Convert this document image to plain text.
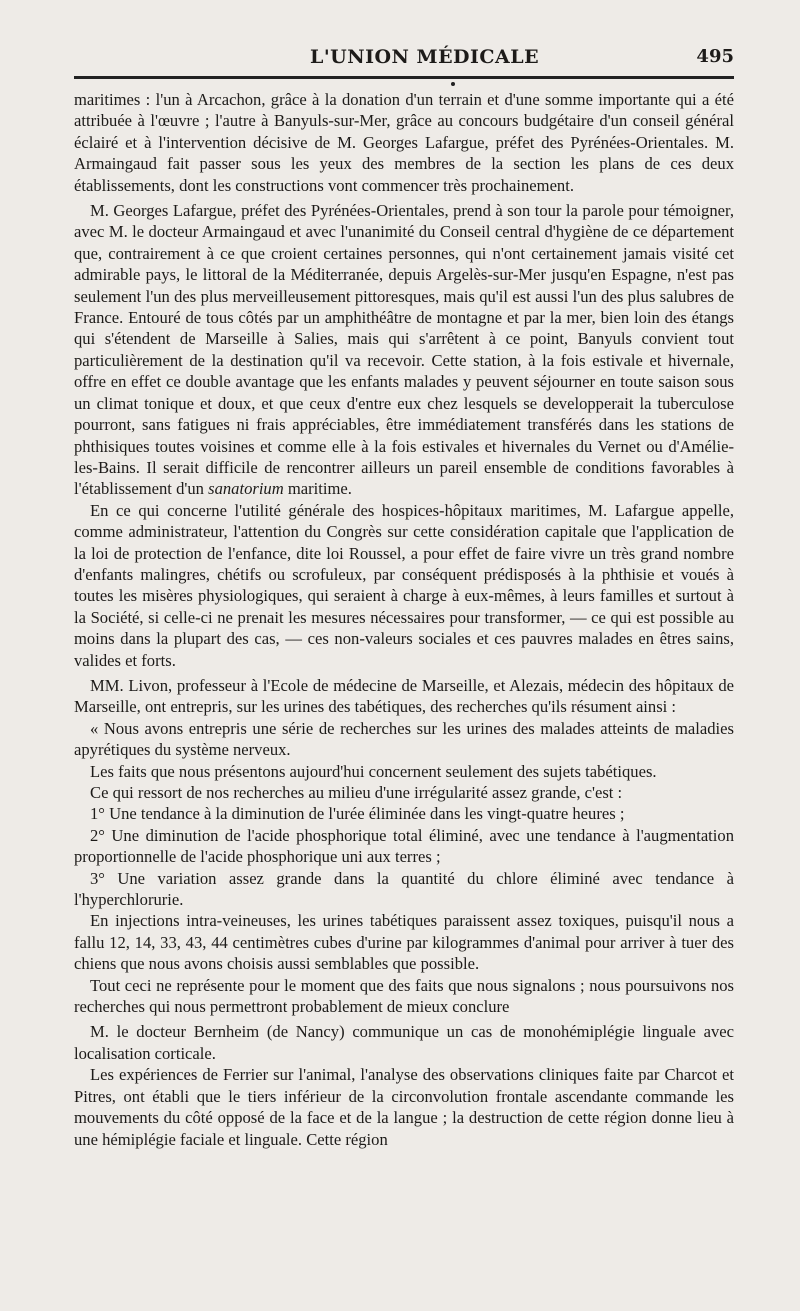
L'UNION MÉDICALE	495

maritimes : l'un à Arcachon, grâce à la donation d'un terrain et d'une somme importante qui a été attribuée à l'œuvre ; l'autre à Banyuls-sur-Mer, grâce au concours budgétaire d'un conseil général éclairé et à l'intervention décisive de M. Georges Lafargue, préfet des Pyrénées-Orientales. M. Armaingaud fait passer sous les yeux des membres de la section les plans de ces deux établissements, dont les constructions vont commencer très prochainement.

M. Georges Lafargue, préfet des Pyrénées-Orientales, prend à son tour la parole pour témoigner, avec M. le docteur Armaingaud et avec l'unanimité du Conseil central d'hygiène de ce département que, contrairement à ce que croient certaines personnes, qui n'ont certainement jamais visité cet admirable pays, le littoral de la Méditerranée, depuis Argelès-sur-Mer jusqu'en Espagne, n'est pas seulement l'un des plus merveilleusement pittoresques, mais qu'il est aussi l'un des plus salubres de France. Entouré de tous côtés par un amphithéâtre de montagne et par la mer, bien loin des étangs qui s'étendent de Marseille à Salies, mais qui s'arrêtent à ce point, Banyuls convient tout particulièrement de la destination qu'il va recevoir. Cette station, à la fois estivale et hivernale, offre en effet ce double avantage que les enfants malades y peuvent séjourner en toute saison sous un climat tonique et doux, et que ceux d'entre eux chez lesquels se developperait la tuberculose pourront, sans fatigues ni frais appréciables, être immédiatement transférés dans les stations de phthisiques toutes voisines et comme elle à la fois estivales et hivernales du Vernet ou d'Amélie-les-Bains. Il serait difficile de rencontrer ailleurs un pareil ensemble de conditions favorables à l'établissement d'un sanatorium maritime.

En ce qui concerne l'utilité générale des hospices-hôpitaux maritimes, M. Lafargue appelle, comme administrateur, l'attention du Congrès sur cette considération capitale que l'application de la loi de protection de l'enfance, dite loi Roussel, a pour effet de faire vivre un très grand nombre d'enfants malingres, chétifs ou scrofuleux, par conséquent prédisposés à la phthisie et voués à toutes les misères physiologiques, qui seraient à charge à eux-mêmes, à leurs familles et surtout à la Société, si celle-ci ne prenait les mesures nécessaires pour transformer, — ce qui est possible au moins dans la plupart des cas, — ces non-valeurs sociales et ces pauvres malades en êtres sains, valides et forts.

MM. Livon, professeur à l'Ecole de médecine de Marseille, et Alezais, médecin des hôpitaux de Marseille, ont entrepris, sur les urines des tabétiques, des recherches qu'ils résument ainsi :

« Nous avons entrepris une série de recherches sur les urines des malades atteints de maladies apyrétiques du système nerveux.

Les faits que nous présentons aujourd'hui concernent seulement des sujets tabétiques.

Ce qui ressort de nos recherches au milieu d'une irrégularité assez grande, c'est :

1° Une tendance à la diminution de l'urée éliminée dans les vingt-quatre heures ;

2° Une diminution de l'acide phosphorique total éliminé, avec une tendance à l'augmentation proportionnelle de l'acide phosphorique uni aux terres ;

3° Une variation assez grande dans la quantité du chlore éliminé avec tendance à l'hyperchlorurie.

En injections intra-veineuses, les urines tabétiques paraissent assez toxiques, puisqu'il nous a fallu 12, 14, 33, 43, 44 centimètres cubes d'urine par kilogrammes d'animal pour arriver à tuer des chiens que nous avons choisis aussi semblables que possible.

Tout ceci ne représente pour le moment que des faits que nous signalons ; nous poursuivons nos recherches qui nous permettront probablement de mieux conclure

M. le docteur Bernheim (de Nancy) communique un cas de monohémiplégie linguale avec localisation corticale.

Les expériences de Ferrier sur l'animal, l'analyse des observations cliniques faite par Charcot et Pitres, ont établi que le tiers inférieur de la circonvolution frontale ascendante commande les mouvements du côté opposé de la face et de la langue ; la destruction de cette région donne lieu à une hémiplégie faciale et linguale. Cette région
